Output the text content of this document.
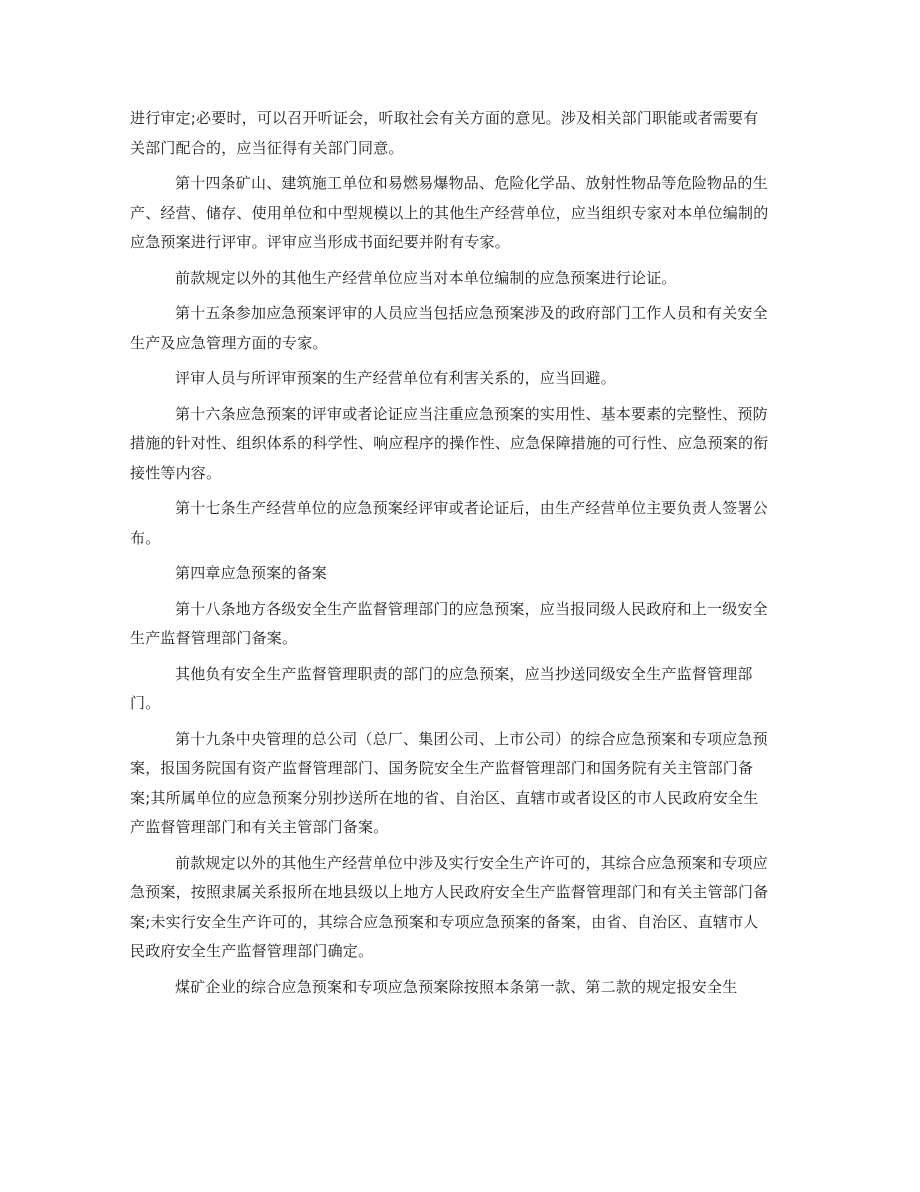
进行审定;必要时，可以召开听证会，听取社会有关方面的意见。涉及相关部门职能或者需要有关部门配合的，应当征得有关部门同意。

第十四条矿山、建筑施工单位和易燃易爆物品、危险化学品、放射性物品等危险物品的生产、经营、储存、使用单位和中型规模以上的其他生产经营单位，应当组织专家对本单位编制的应急预案进行评审。评审应当形成书面纪要并附有专家。

前款规定以外的其他生产经营单位应当对本单位编制的应急预案进行论证。

第十五条参加应急预案评审的人员应当包括应急预案涉及的政府部门工作人员和有关安全生产及应急管理方面的专家。

评审人员与所评审预案的生产经营单位有利害关系的，应当回避。

第十六条应急预案的评审或者论证应当注重应急预案的实用性、基本要素的完整性、预防措施的针对性、组织体系的科学性、响应程序的操作性、应急保障措施的可行性、应急预案的衔接性等内容。

第十七条生产经营单位的应急预案经评审或者论证后，由生产经营单位主要负责人签署公布。

第四章应急预案的备案

第十八条地方各级安全生产监督管理部门的应急预案，应当报同级人民政府和上一级安全生产监督管理部门备案。

其他负有安全生产监督管理职责的部门的应急预案，应当抄送同级安全生产监督管理部门。

第十九条中央管理的总公司（总厂、集团公司、上市公司）的综合应急预案和专项应急预案，报国务院国有资产监督管理部门、国务院安全生产监督管理部门和国务院有关主管部门备案;其所属单位的应急预案分别抄送所在地的省、自治区、直辖市或者设区的市人民政府安全生产监督管理部门和有关主管部门备案。

前款规定以外的其他生产经营单位中涉及实行安全生产许可的，其综合应急预案和专项应急预案，按照隶属关系报所在地县级以上地方人民政府安全生产监督管理部门和有关主管部门备案;未实行安全生产许可的，其综合应急预案和专项应急预案的备案，由省、自治区、直辖市人民政府安全生产监督管理部门确定。

煤矿企业的综合应急预案和专项应急预案除按照本条第一款、第二款的规定报安全生
